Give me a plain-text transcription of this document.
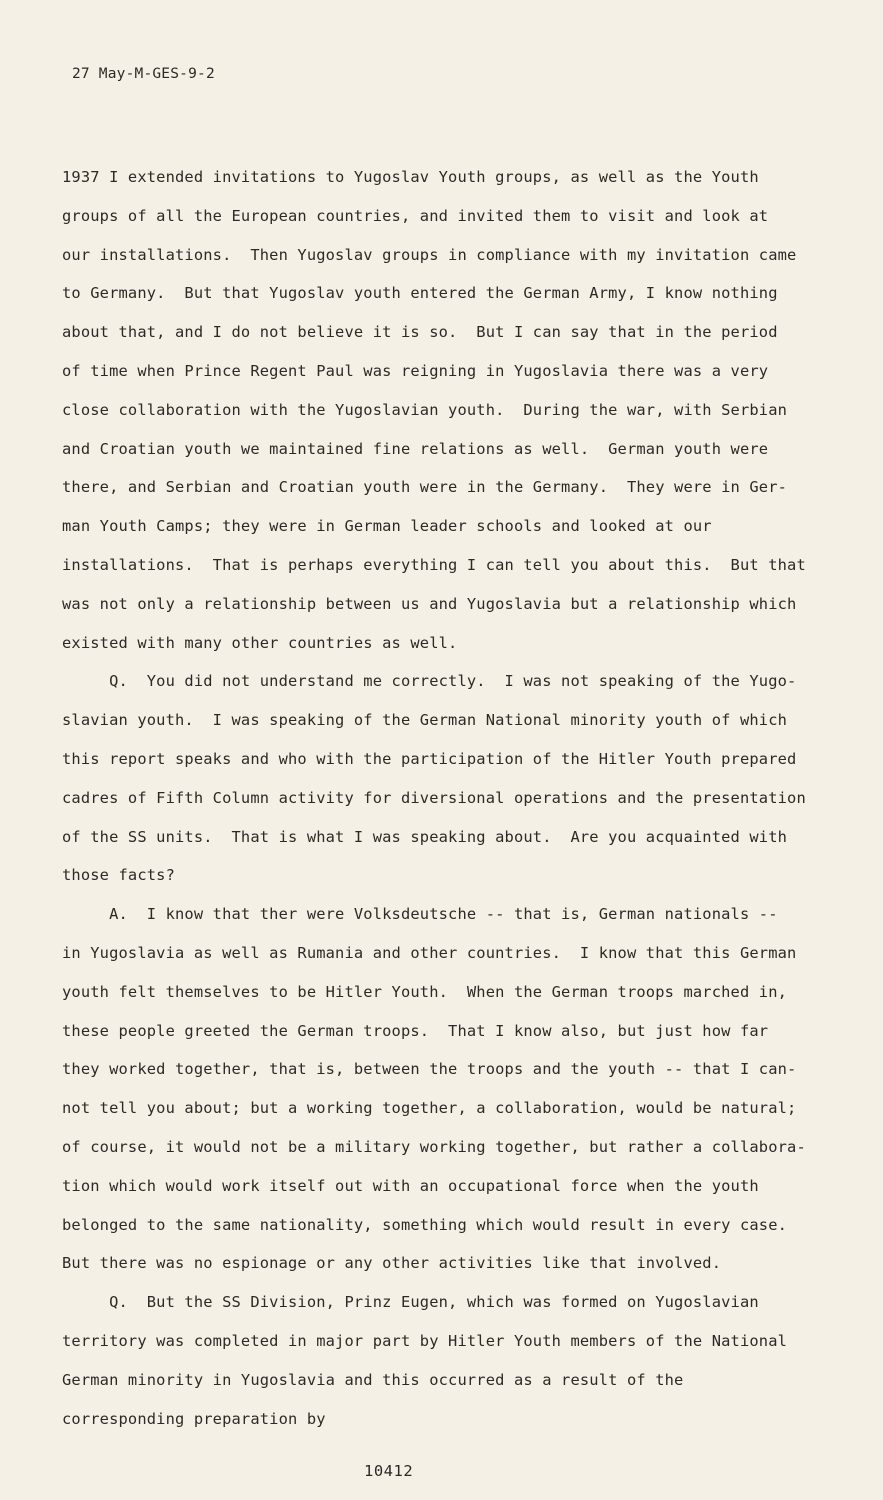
27 May-M-GES-9-2
1937 I extended invitations to Yugoslav Youth groups, as well as the Youth
groups of all the European countries, and invited them to visit and look at
our installations.  Then Yugoslav groups in compliance with my invitation came
to Germany.  But that Yugoslav youth entered the German Army, I know nothing
about that, and I do not believe it is so.  But I can say that in the period
of time when Prince Regent Paul was reigning in Yugoslavia there was a very
close collaboration with the Yugoslavian youth.  During the war, with Serbian
and Croatian youth we maintained fine relations as well.  German youth were
there, and Serbian and Croatian youth were in the Germany.  They were in Ger-
man Youth Camps; they were in German leader schools and looked at our
installations.  That is perhaps everything I can tell you about this.  But that
was not only a relationship between us and Yugoslavia but a relationship which
existed with many other countries as well.
Q.  You did not understand me correctly.  I was not speaking of the Yugo-
slavian youth.  I was speaking of the German National minority youth of which
this report speaks and who with the participation of the Hitler Youth prepared
cadres of Fifth Column activity for diversional operations and the presentation
of the SS units.  That is what I was speaking about.  Are you acquainted with
those facts?
A.  I know that ther were Volksdeutsche -- that is, German nationals --
in Yugoslavia as well as Rumania and other countries.  I know that this German
youth felt themselves to be Hitler Youth.  When the German troops marched in,
these people greeted the German troops.  That I know also, but just how far
they worked together, that is, between the troops and the youth -- that I can-
not tell you about; but a working together, a collaboration, would be natural;
of course, it would not be a military working together, but rather a collabora-
tion which would work itself out with an occupational force when the youth
belonged to the same nationality, something which would result in every case.
But there was no espionage or any other activities like that involved.
Q.  But the SS Division, Prinz Eugen, which was formed on Yugoslavian
territory was completed in major part by Hitler Youth members of the National
German minority in Yugoslavia and this occurred as a result of the
corresponding preparation by
10412
